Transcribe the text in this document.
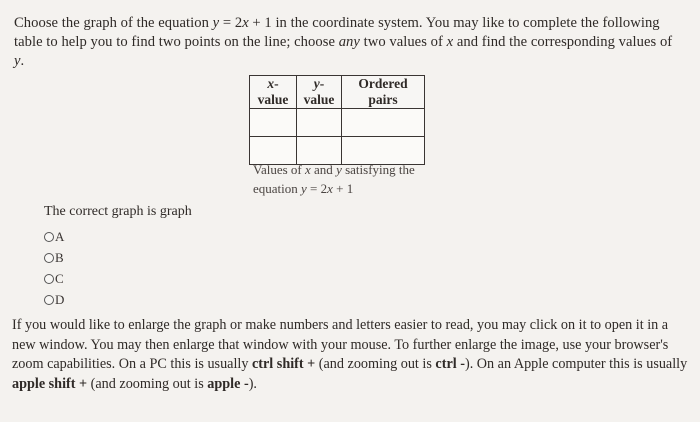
Choose the graph of the equation y = 2x + 1 in the coordinate system. You may like to complete the following table to help you to find two points on the line; choose any two values of x and find the corresponding values of y.

x-value	y-value	Ordered pairs

Values of x and y satisfying the
equation y = 2x + 1
The correct graph is graph
A
B
C
D

If you would like to enlarge the graph or make numbers and letters easier to read, you may click on it to open it in a new window. You may then enlarge that window with your mouse. To further enlarge the image, use your browser's zoom capabilities. On a PC this is usually ctrl shift + (and zooming out is ctrl -). On an Apple computer this is usually apple shift + (and zooming out is apple -).
